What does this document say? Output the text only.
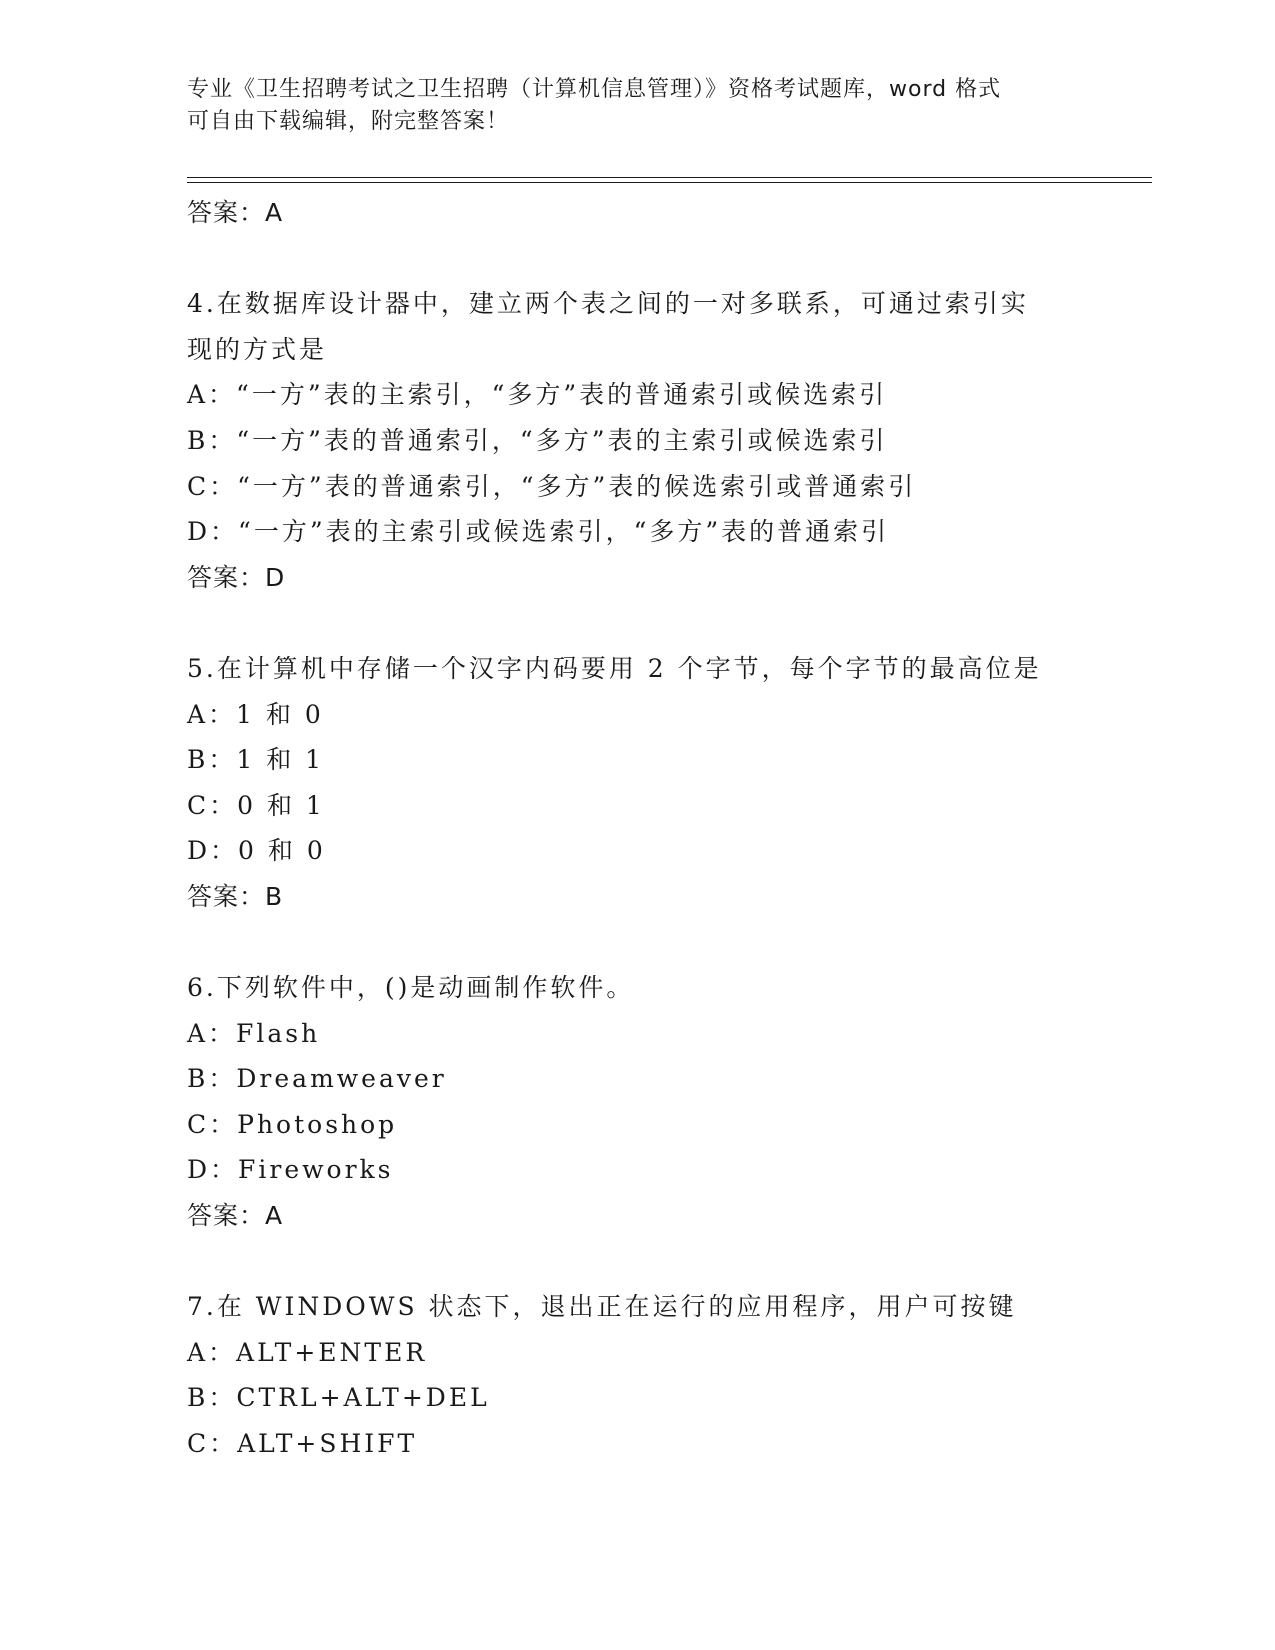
专业《卫生招聘考试之卫生招聘（计算机信息管理）》资格考试题库，word 格式
可自由下载编辑，附完整答案！
答案：A
4.在数据库设计器中，建立两个表之间的一对多联系，可通过索引实
现的方式是
A：“一方”表的主索引，“多方”表的普通索引或候选索引
B：“一方”表的普通索引，“多方”表的主索引或候选索引
C：“一方”表的普通索引，“多方”表的候选索引或普通索引
D：“一方”表的主索引或候选索引，“多方”表的普通索引
答案：D
5.在计算机中存储一个汉字内码要用 2 个字节，每个字节的最高位是
A：1 和 0
B：1 和 1
C：0 和 1
D：0 和 0
答案：B
6.下列软件中，()是动画制作软件。
A：Flash
B：Dreamweaver
C：Photoshop
D：Fireworks
答案：A
7.在 WINDOWS 状态下，退出正在运行的应用程序，用户可按键
A：ALT+ENTER
B：CTRL+ALT+DEL
C：ALT+SHIFT
